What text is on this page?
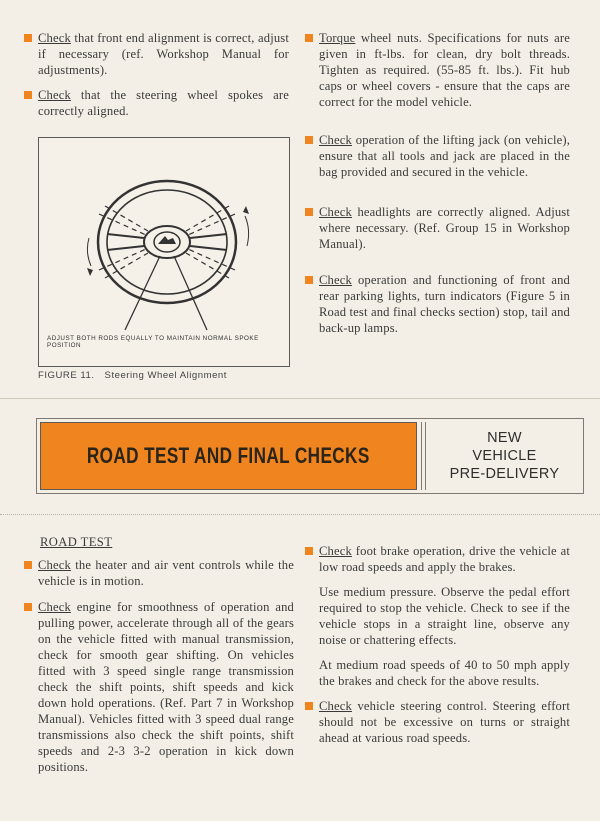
Check that front end alignment is correct, adjust if necessary (ref. Workshop Manual for adjustments).
Check that the steering wheel spokes are correctly aligned.
ADJUST BOTH RODS EQUALLY TO MAINTAIN NORMAL SPOKE POSITION
FIGURE 11. Steering Wheel Alignment
Torque wheel nuts. Specifications for nuts are given in ft-lbs. for clean, dry bolt threads. Tighten as required. (55-85 ft. lbs.). Fit hub caps or wheel covers - ensure that the caps are correct for the model vehicle.
Check operation of the lifting jack (on vehicle), ensure that all tools and jack are placed in the bag provided and secured in the vehicle.
Check headlights are correctly aligned. Adjust where necessary. (Ref. Group 15 in Workshop Manual).
Check operation and functioning of front and rear parking lights, turn indicators (Figure 5 in Road test and final checks section) stop, tail and back-up lamps.
ROAD TEST AND FINAL CHECKS
NEW
VEHICLE
PRE-DELIVERY
ROAD TEST
Check the heater and air vent controls while the vehicle is in motion.
Check engine for smoothness of operation and pulling power, accelerate through all of the gears on the vehicle fitted with manual transmission, check for smooth gear shifting. On vehicles fitted with 3 speed single range transmission check the shift points, shift speeds and kick down hold operations. (Ref. Part 7 in Workshop Manual). Vehicles fitted with 3 speed dual range transmissions also check the shift points, shift speeds and 2-3 3-2 operation in kick down positions.
Check foot brake operation, drive the vehicle at low road speeds and apply the brakes.
Use medium pressure. Observe the pedal effort required to stop the vehicle. Check to see if the vehicle stops in a straight line, observe any noise or chattering effects.
At medium road speeds of 40 to 50 mph apply the brakes and check for the above results.
Check vehicle steering control. Steering effort should not be excessive on turns or straight ahead at various road speeds.
